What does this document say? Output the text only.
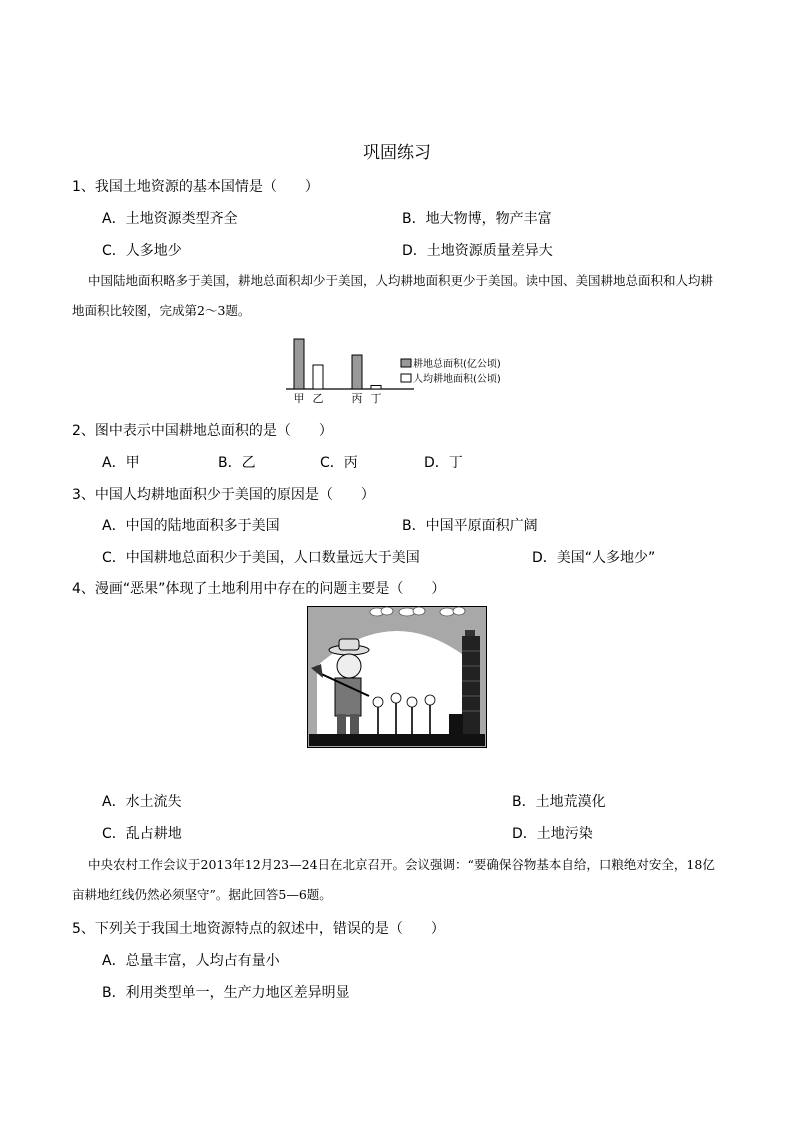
巩固练习
1、我国土地资源的基本国情是（　　）
A．土地资源类型齐全	B．地大物博，物产丰富
C．人多地少	D．土地资源质量差异大
中国陆地面积略多于美国，耕地总面积却少于美国，人均耕地面积更少于美国。读中国、美国耕地总面积和人均耕地面积比较图，完成第2～3题。
甲 乙	丙 丁
耕地总面积(亿公顷)
人均耕地面积(公顷)
2、图中表示中国耕地总面积的是（　　）
A．甲	B．乙	C．丙	D．丁
3、中国人均耕地面积少于美国的原因是（　　）
A．中国的陆地面积多于美国	B．中国平原面积广阔
C．中国耕地总面积少于美国，人口数量远大于美国	D．美国“人多地少”
4、漫画“恶果”体现了土地利用中存在的问题主要是（　　）
A．水土流失	B．土地荒漠化
C．乱占耕地	D．土地污染
中央农村工作会议于2013年12月23—24日在北京召开。会议强调：“要确保谷物基本自给，口粮绝对安全，18亿亩耕地红线仍然必须坚守”。据此回答5—6题。
5、下列关于我国土地资源特点的叙述中，错误的是（　　）
A．总量丰富，人均占有量小
B．利用类型单一，生产力地区差异明显
